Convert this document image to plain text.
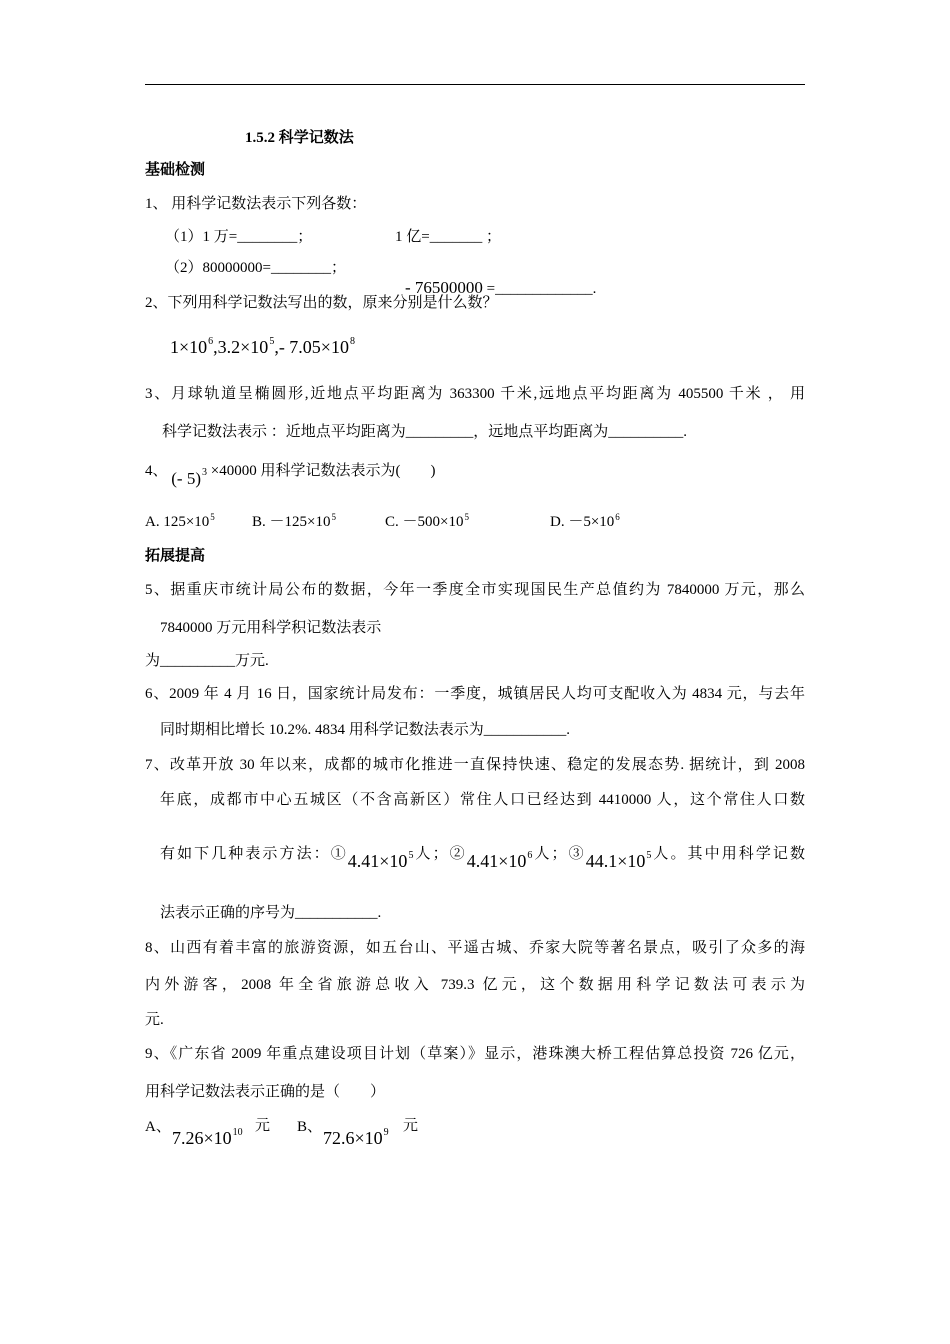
1.5.2 科学记数法
基础检测
1、 用科学记数法表示下列各数：
（1）1 万=________；	1 亿=_______ ；
（2）80000000=________；

- 76500000 =_____________.

2、下列用科学记数法写出的数，原来分别是什么数？
$1\times 10^6,3.2\times 10^5,-$ $7.05\times 10^8$
3、月球轨道呈椭圆形,近地点平均距离为 363300 千米,远地点平均距离为 405500 千米 ， 用
科学记数法表示 ：近地点平均距离为_________，远地点平均距离为__________.
4、 (- 5)$^3$ ×40000 用科学记数法表示为(        )
A. $125\times 10^5$ B. $-125\times 10^5$	C. $-500\times 10^5$	D. $-5\times 10^6$
拓展提高
5、据重庆市统计局公布的数据，今年一季度全市实现国民生产总值约为 7840000 万元，那么
7840000 万元用科学积记数法表示
为__________万元.
6、2009 年 4 月 16 日，国家统计局发布：一季度，城镇居民人均可支配收入为 4834 元，与去年
同时期相比增长 10.2%. 4834 用科学记数法表示为___________.
7、改革开放 30 年以来，成都的城市化推进一直保持快速、稳定的发展态势. 据统计，到 2008
年底，成都市中心五城区（不含高新区）常住人口已经达到 4410000 人，这个常住人口数
有如下几种表示方法：$①4.41\times 10^5$人；$②4.41\times 10^6$人；$③44.1\times 10^5$人。其中用科学记数
法表示正确的序号为___________.
8、山西有着丰富的旅游资源，如五台山、平遥古城、乔家大院等著名景点，吸引了众多的海
内外游客，2008 年全省旅游总收入 739.3 亿元，这个数据用科学记数法可表示为
元.
9、《广东省 2009 年重点建设项目计划（草案）》显示，港珠澳大桥工程估算总投资 726 亿元，
用科学记数法表示正确的是（        ）
A、
$7.26\times 10^{10}$ 元 B、
$72.6\times 10^9$ 元
